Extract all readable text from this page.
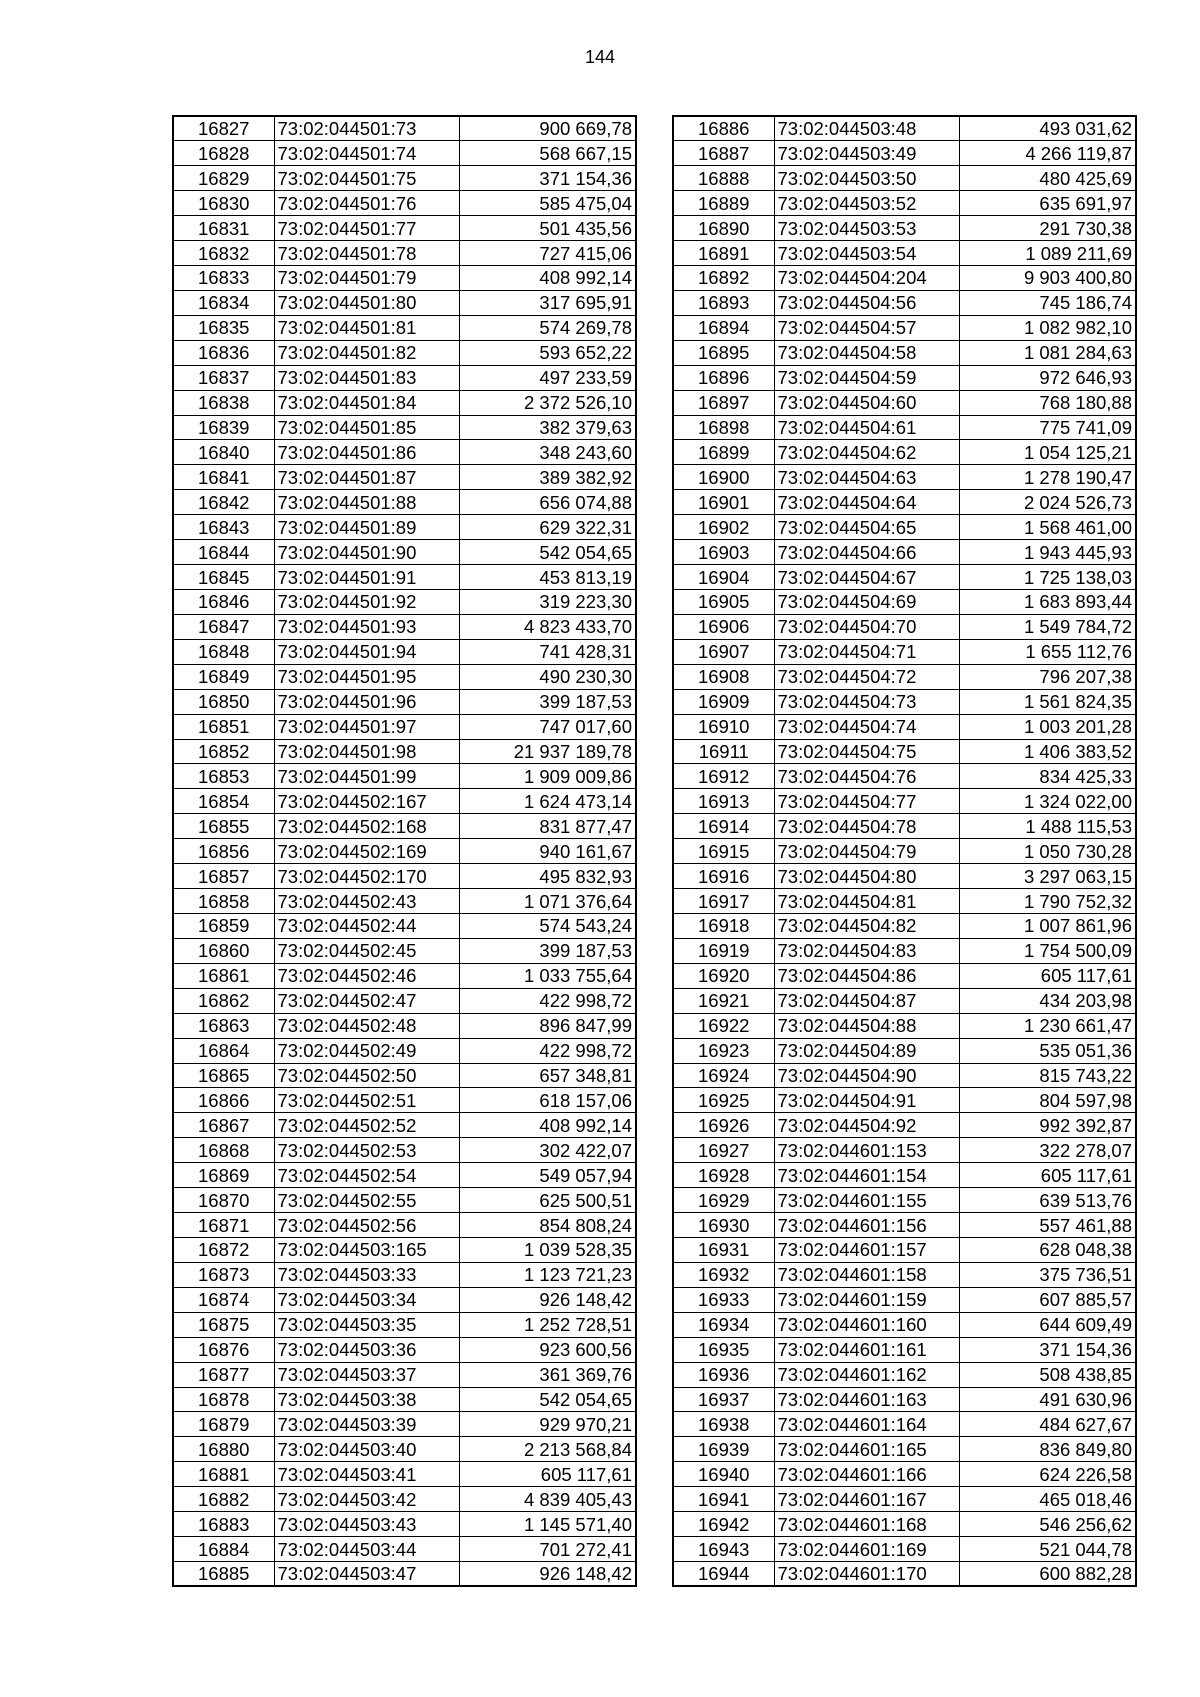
144
16827	73:02:044501:73	900 669,78
16828	73:02:044501:74	568 667,15
16829	73:02:044501:75	371 154,36
16830	73:02:044501:76	585 475,04
16831	73:02:044501:77	501 435,56
16832	73:02:044501:78	727 415,06
16833	73:02:044501:79	408 992,14
16834	73:02:044501:80	317 695,91
16835	73:02:044501:81	574 269,78
16836	73:02:044501:82	593 652,22
16837	73:02:044501:83	497 233,59
16838	73:02:044501:84	2 372 526,10
16839	73:02:044501:85	382 379,63
16840	73:02:044501:86	348 243,60
16841	73:02:044501:87	389 382,92
16842	73:02:044501:88	656 074,88
16843	73:02:044501:89	629 322,31
16844	73:02:044501:90	542 054,65
16845	73:02:044501:91	453 813,19
16846	73:02:044501:92	319 223,30
16847	73:02:044501:93	4 823 433,70
16848	73:02:044501:94	741 428,31
16849	73:02:044501:95	490 230,30
16850	73:02:044501:96	399 187,53
16851	73:02:044501:97	747 017,60
16852	73:02:044501:98	21 937 189,78
16853	73:02:044501:99	1 909 009,86
16854	73:02:044502:167	1 624 473,14
16855	73:02:044502:168	831 877,47
16856	73:02:044502:169	940 161,67
16857	73:02:044502:170	495 832,93
16858	73:02:044502:43	1 071 376,64
16859	73:02:044502:44	574 543,24
16860	73:02:044502:45	399 187,53
16861	73:02:044502:46	1 033 755,64
16862	73:02:044502:47	422 998,72
16863	73:02:044502:48	896 847,99
16864	73:02:044502:49	422 998,72
16865	73:02:044502:50	657 348,81
16866	73:02:044502:51	618 157,06
16867	73:02:044502:52	408 992,14
16868	73:02:044502:53	302 422,07
16869	73:02:044502:54	549 057,94
16870	73:02:044502:55	625 500,51
16871	73:02:044502:56	854 808,24
16872	73:02:044503:165	1 039 528,35
16873	73:02:044503:33	1 123 721,23
16874	73:02:044503:34	926 148,42
16875	73:02:044503:35	1 252 728,51
16876	73:02:044503:36	923 600,56
16877	73:02:044503:37	361 369,76
16878	73:02:044503:38	542 054,65
16879	73:02:044503:39	929 970,21
16880	73:02:044503:40	2 213 568,84
16881	73:02:044503:41	605 117,61
16882	73:02:044503:42	4 839 405,43
16883	73:02:044503:43	1 145 571,40
16884	73:02:044503:44	701 272,41
16885	73:02:044503:47	926 148,42
16886	73:02:044503:48	493 031,62
16887	73:02:044503:49	4 266 119,87
16888	73:02:044503:50	480 425,69
16889	73:02:044503:52	635 691,97
16890	73:02:044503:53	291 730,38
16891	73:02:044503:54	1 089 211,69
16892	73:02:044504:204	9 903 400,80
16893	73:02:044504:56	745 186,74
16894	73:02:044504:57	1 082 982,10
16895	73:02:044504:58	1 081 284,63
16896	73:02:044504:59	972 646,93
16897	73:02:044504:60	768 180,88
16898	73:02:044504:61	775 741,09
16899	73:02:044504:62	1 054 125,21
16900	73:02:044504:63	1 278 190,47
16901	73:02:044504:64	2 024 526,73
16902	73:02:044504:65	1 568 461,00
16903	73:02:044504:66	1 943 445,93
16904	73:02:044504:67	1 725 138,03
16905	73:02:044504:69	1 683 893,44
16906	73:02:044504:70	1 549 784,72
16907	73:02:044504:71	1 655 112,76
16908	73:02:044504:72	796 207,38
16909	73:02:044504:73	1 561 824,35
16910	73:02:044504:74	1 003 201,28
16911	73:02:044504:75	1 406 383,52
16912	73:02:044504:76	834 425,33
16913	73:02:044504:77	1 324 022,00
16914	73:02:044504:78	1 488 115,53
16915	73:02:044504:79	1 050 730,28
16916	73:02:044504:80	3 297 063,15
16917	73:02:044504:81	1 790 752,32
16918	73:02:044504:82	1 007 861,96
16919	73:02:044504:83	1 754 500,09
16920	73:02:044504:86	605 117,61
16921	73:02:044504:87	434 203,98
16922	73:02:044504:88	1 230 661,47
16923	73:02:044504:89	535 051,36
16924	73:02:044504:90	815 743,22
16925	73:02:044504:91	804 597,98
16926	73:02:044504:92	992 392,87
16927	73:02:044601:153	322 278,07
16928	73:02:044601:154	605 117,61
16929	73:02:044601:155	639 513,76
16930	73:02:044601:156	557 461,88
16931	73:02:044601:157	628 048,38
16932	73:02:044601:158	375 736,51
16933	73:02:044601:159	607 885,57
16934	73:02:044601:160	644 609,49
16935	73:02:044601:161	371 154,36
16936	73:02:044601:162	508 438,85
16937	73:02:044601:163	491 630,96
16938	73:02:044601:164	484 627,67
16939	73:02:044601:165	836 849,80
16940	73:02:044601:166	624 226,58
16941	73:02:044601:167	465 018,46
16942	73:02:044601:168	546 256,62
16943	73:02:044601:169	521 044,78
16944	73:02:044601:170	600 882,28
